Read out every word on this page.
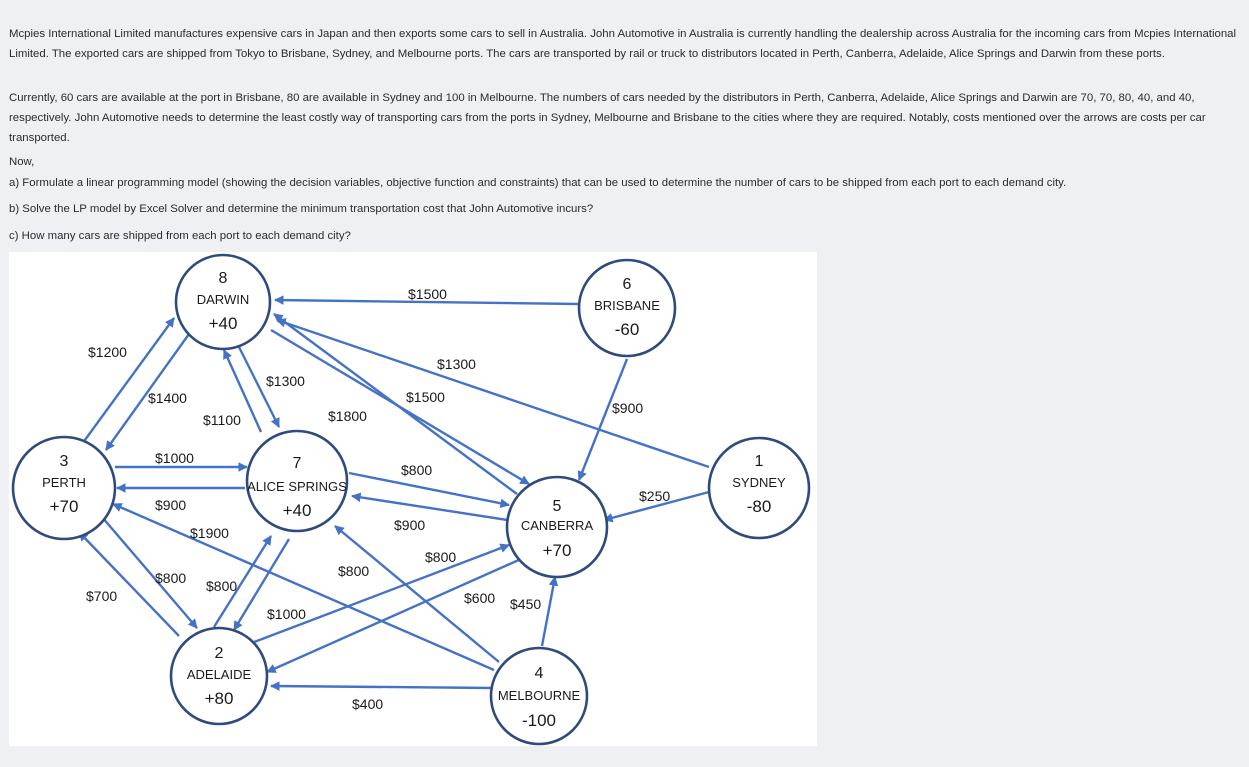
Mcpies International Limited manufactures expensive cars in Japan and then exports some cars to sell in Australia. John Automotive in Australia is currently handling the dealership across Australia for the incoming cars from Mcpies International Limited. The exported cars are shipped from Tokyo to Brisbane, Sydney, and Melbourne ports. The cars are transported by rail or truck to distributors located in Perth, Canberra, Adelaide, Alice Springs and Darwin from these ports.
Currently, 60 cars are available at the port in Brisbane, 80 are available in Sydney and 100 in Melbourne. The numbers of cars needed by the distributors in Perth, Canberra, Adelaide, Alice Springs and Darwin are 70, 70, 80, 40, and 40, respectively. John Automotive needs to determine the least costly way of transporting cars from the ports in Sydney, Melbourne and Brisbane to the cities where they are required. Notably, costs mentioned over the arrows are costs per car transported.
Now,
a) Formulate a linear programming model (showing the decision variables, objective function and constraints) that can be used to determine the number of cars to be shipped from each port to each demand city.
b) Solve the LP model by Excel Solver and determine the minimum transportation cost that John Automotive incurs?
c) How many cars are shipped from each port to each demand city?
8
DARWIN
+40
6
BRISBANE
-60
3
PERTH
+70
7
ALICE SPRINGS
+40	5
CANBERRA
+70
1
SYDNEY
-80
2
ADELAIDE
+80
4
MELBOURNE
-100
$1500
$1200
$1300
$1300
$1500
$1400
$1800	$900
$1100
$1000
$800
$250
$900
$900
$1900
$800
$800
$800 $800
$700	$600 $450
$1000
$400
